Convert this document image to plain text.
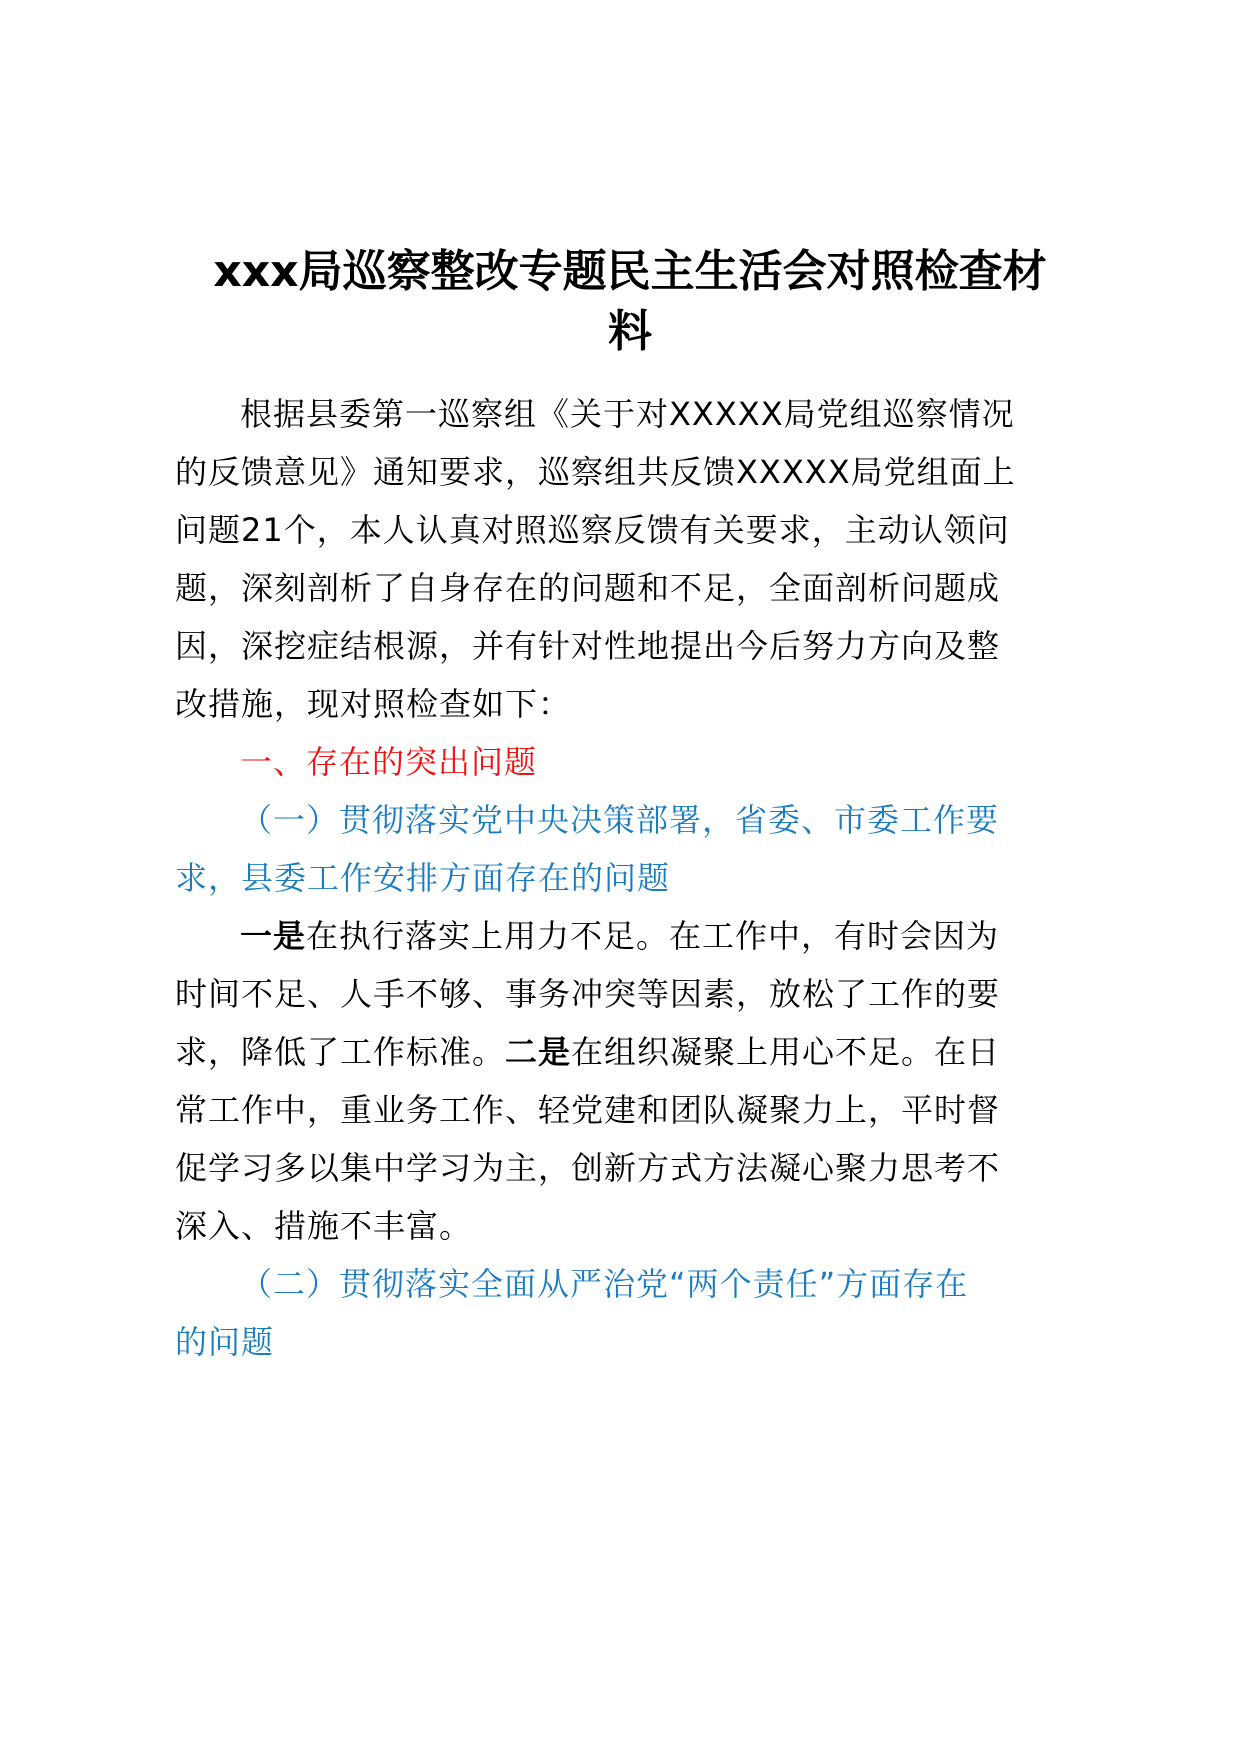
xxx局巡察整改专题民主生活会对照检查材
料
根据县委第一巡察组《关于对XXXXX局党组巡察情况
的反馈意见》通知要求，巡察组共反馈XXXXX局党组面上
问题21个，本人认真对照巡察反馈有关要求，主动认领问
题，深刻剖析了自身存在的问题和不足，全面剖析问题成
因，深挖症结根源，并有针对性地提出今后努力方向及整
改措施，现对照检查如下：
一、存在的突出问题
（一）贯彻落实党中央决策部署，省委、市委工作要
求，县委工作安排方面存在的问题
一是在执行落实上用力不足。在工作中，有时会因为
时间不足、人手不够、事务冲突等因素，放松了工作的要
求，降低了工作标准。二是在组织凝聚上用心不足。在日
常工作中，重业务工作、轻党建和团队凝聚力上，平时督
促学习多以集中学习为主，创新方式方法凝心聚力思考不
深入、措施不丰富。
（二）贯彻落实全面从严治党“两个责任”方面存在
的问题
